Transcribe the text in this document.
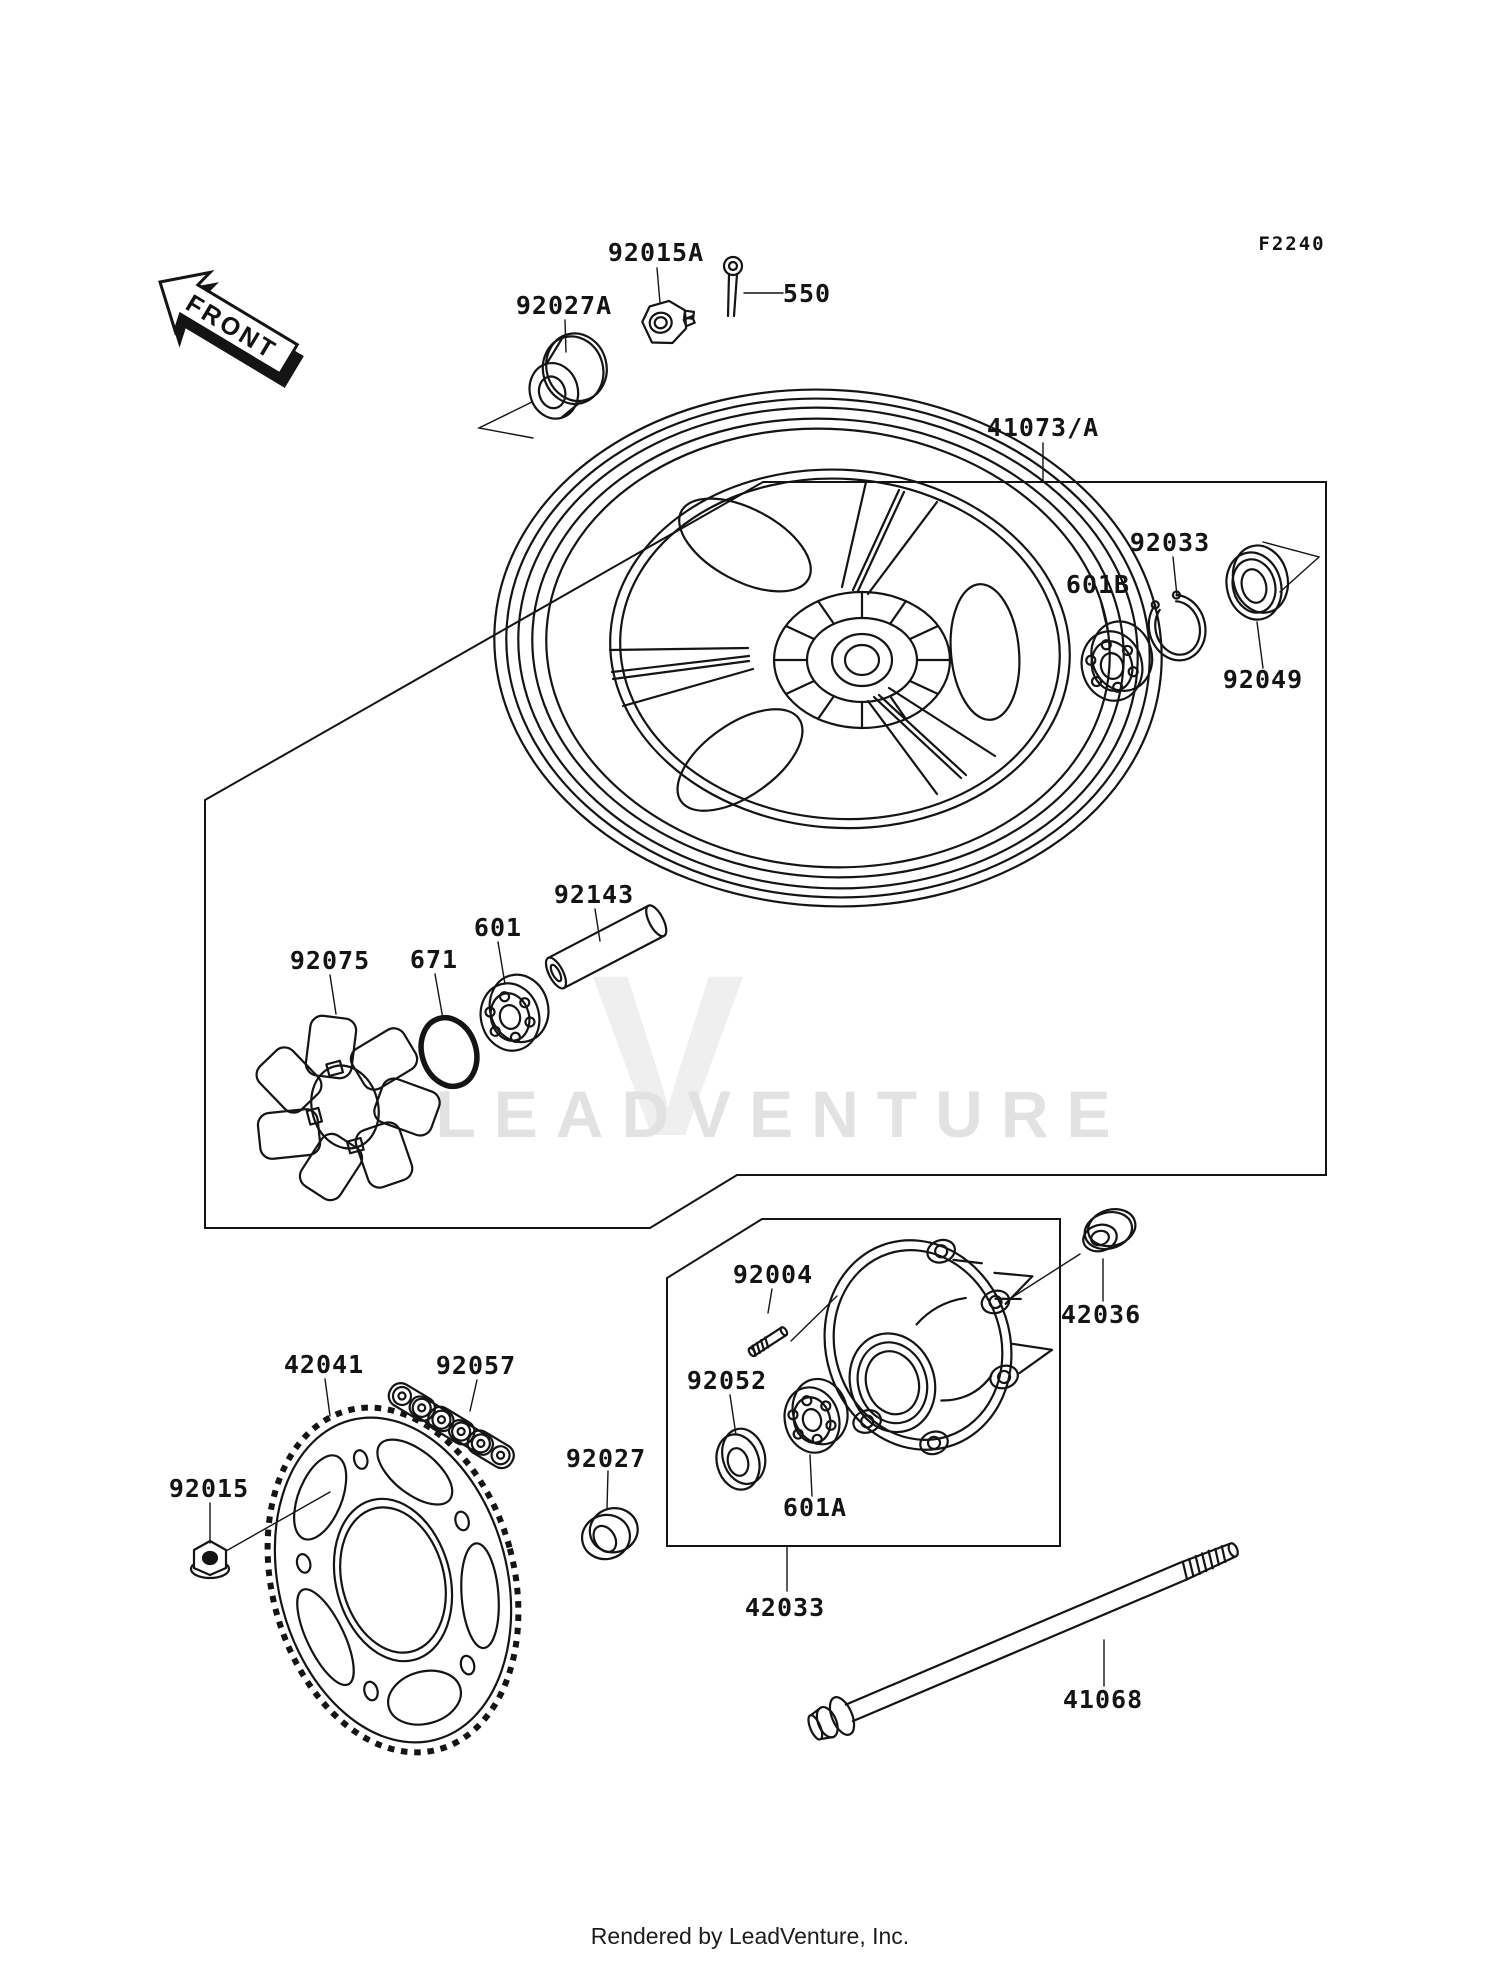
V
LEADVENTURE
F2240
FRONT
92015A
550
92027A
41073/A
92033
601B
92049
92143
601
671
92075
92004
42036
92052
601A
42041	92057
92015
92027
42033
41068
Rendered by LeadVenture, Inc.
